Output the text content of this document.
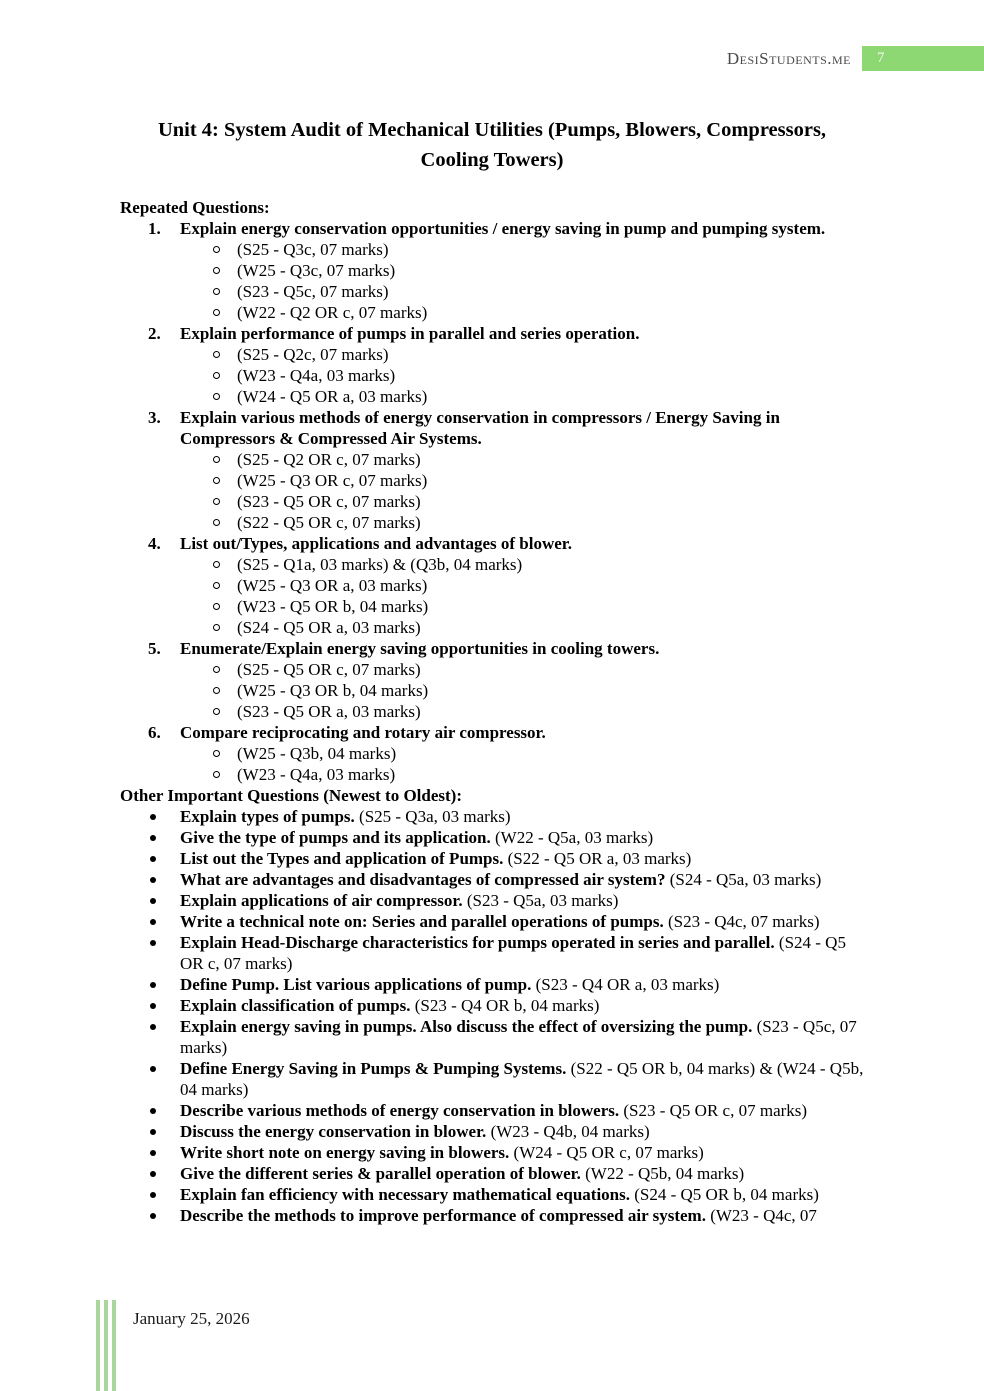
DesiStudents.me	7
Unit 4: System Audit of Mechanical Utilities (Pumps, Blowers, Compressors, Cooling Towers)
Repeated Questions:
1. Explain energy conservation opportunities / energy saving in pump and pumping system.
(S25 - Q3c, 07 marks)
(W25 - Q3c, 07 marks)
(S23 - Q5c, 07 marks)
(W22 - Q2 OR c, 07 marks)
2. Explain performance of pumps in parallel and series operation.
(S25 - Q2c, 07 marks)
(W23 - Q4a, 03 marks)
(W24 - Q5 OR a, 03 marks)
3. Explain various methods of energy conservation in compressors / Energy Saving in Compressors & Compressed Air Systems.
(S25 - Q2 OR c, 07 marks)
(W25 - Q3 OR c, 07 marks)
(S23 - Q5 OR c, 07 marks)
(S22 - Q5 OR c, 07 marks)
4. List out/Types, applications and advantages of blower.
(S25 - Q1a, 03 marks) & (Q3b, 04 marks)
(W25 - Q3 OR a, 03 marks)
(W23 - Q5 OR b, 04 marks)
(S24 - Q5 OR a, 03 marks)
5. Enumerate/Explain energy saving opportunities in cooling towers.
(S25 - Q5 OR c, 07 marks)
(W25 - Q3 OR b, 04 marks)
(S23 - Q5 OR a, 03 marks)
6. Compare reciprocating and rotary air compressor.
(W25 - Q3b, 04 marks)
(W23 - Q4a, 03 marks)
Other Important Questions (Newest to Oldest):
Explain types of pumps. (S25 - Q3a, 03 marks)
Give the type of pumps and its application. (W22 - Q5a, 03 marks)
List out the Types and application of Pumps. (S22 - Q5 OR a, 03 marks)
What are advantages and disadvantages of compressed air system? (S24 - Q5a, 03 marks)
Explain applications of air compressor. (S23 - Q5a, 03 marks)
Write a technical note on: Series and parallel operations of pumps. (S23 - Q4c, 07 marks)
Explain Head-Discharge characteristics for pumps operated in series and parallel. (S24 - Q5 OR c, 07 marks)
Define Pump. List various applications of pump. (S23 - Q4 OR a, 03 marks)
Explain classification of pumps. (S23 - Q4 OR b, 04 marks)
Explain energy saving in pumps. Also discuss the effect of oversizing the pump. (S23 - Q5c, 07 marks)
Define Energy Saving in Pumps & Pumping Systems. (S22 - Q5 OR b, 04 marks) & (W24 - Q5b, 04 marks)
Describe various methods of energy conservation in blowers. (S23 - Q5 OR c, 07 marks)
Discuss the energy conservation in blower. (W23 - Q4b, 04 marks)
Write short note on energy saving in blowers. (W24 - Q5 OR c, 07 marks)
Give the different series & parallel operation of blower. (W22 - Q5b, 04 marks)
Explain fan efficiency with necessary mathematical equations. (S24 - Q5 OR b, 04 marks)
Describe the methods to improve performance of compressed air system. (W23 - Q4c, 07
January 25, 2026
